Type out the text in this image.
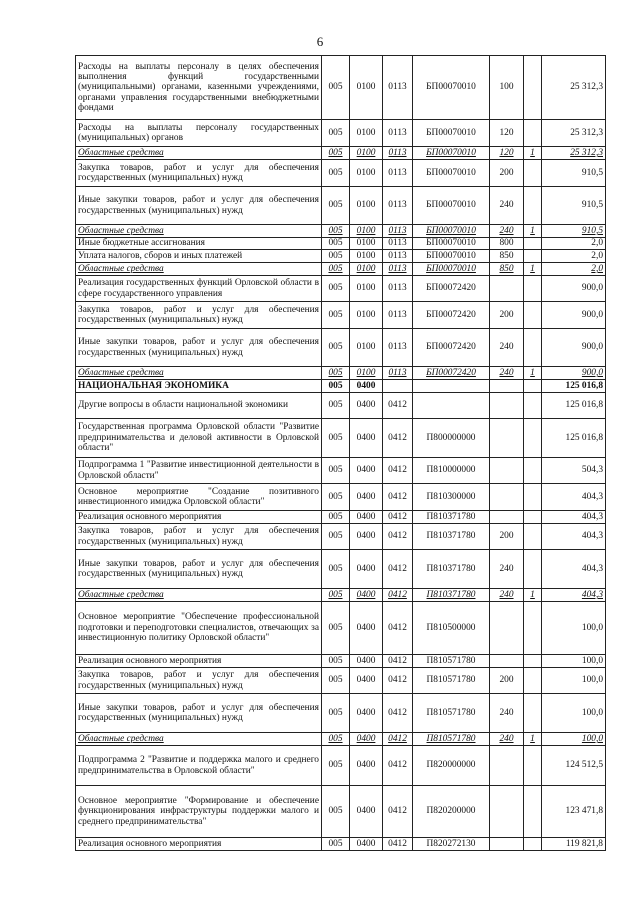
6
Расходы на выплаты персоналу в целях обеспечения выполнения функций государственными (муниципальными) органами, казенными учреждениями, органами управления государственными внебюджетными фондами	005	0100	0113	БП00070010	100		25 312,3
Расходы на выплаты персоналу государственных (муниципальных) органов	005	0100	0113	БП00070010	120		25 312,3
Областные средства	005	0100	0113	БП00070010	120	1	25 312,3
Закупка товаров, работ и услуг для обеспечения государственных (муниципальных) нужд	005	0100	0113	БП00070010	200		910,5
Иные закупки товаров, работ и услуг для обеспечения государственных (муниципальных) нужд	005	0100	0113	БП00070010	240		910,5
Областные средства	005	0100	0113	БП00070010	240	1	910,5
Иные бюджетные ассигнования	005	0100	0113	БП00070010	800		2,0
Уплата налогов, сборов и иных платежей	005	0100	0113	БП00070010	850		2,0
Областные средства	005	0100	0113	БП00070010	850	1	2,0
Реализация государственных функций Орловской области в сфере государственного управления	005	0100	0113	БП00072420			900,0
Закупка товаров, работ и услуг для обеспечения государственных (муниципальных) нужд	005	0100	0113	БП00072420	200		900,0
Иные закупки товаров, работ и услуг для обеспечения государственных (муниципальных) нужд	005	0100	0113	БП00072420	240		900,0
Областные средства	005	0100	0113	БП00072420	240	1	900,0
НАЦИОНАЛЬНАЯ ЭКОНОМИКА	005	0400					125 016,8
Другие вопросы в области национальной экономики	005	0400	0412				125 016,8
Государственная программа Орловской области "Развитие предпринимательства и деловой активности в Орловской области"	005	0400	0412	П800000000			125 016,8
Подпрограмма 1 "Развитие инвестиционной деятельности в Орловской области"	005	0400	0412	П810000000			504,3
Основное мероприятие "Создание позитивного инвестиционного имиджа Орловской области"	005	0400	0412	П810300000			404,3
Реализация основного мероприятия	005	0400	0412	П810371780			404,3
Закупка товаров, работ и услуг для обеспечения государственных (муниципальных) нужд	005	0400	0412	П810371780	200		404,3
Иные закупки товаров, работ и услуг для обеспечения государственных (муниципальных) нужд	005	0400	0412	П810371780	240		404,3
Областные средства	005	0400	0412	П810371780	240	1	404,3
Основное мероприятие "Обеспечение профессиональной подготовки и переподготовки специалистов, отвечающих за инвестиционную политику Орловской области"	005	0400	0412	П810500000			100,0
Реализация основного мероприятия	005	0400	0412	П810571780			100,0
Закупка товаров, работ и услуг для обеспечения государственных (муниципальных) нужд	005	0400	0412	П810571780	200		100,0
Иные закупки товаров, работ и услуг для обеспечения государственных (муниципальных) нужд	005	0400	0412	П810571780	240		100,0
Областные средства	005	0400	0412	П810571780	240	1	100,0
Подпрограмма 2 "Развитие и поддержка малого и среднего предпринимательства в Орловской области"	005	0400	0412	П820000000			124 512,5
Основное мероприятие "Формирование и обеспечение функционирования инфраструктуры поддержки малого и среднего предпринимательства"	005	0400	0412	П820200000			123 471,8
Реализация основного мероприятия	005	0400	0412	П820272130			119 821,8
